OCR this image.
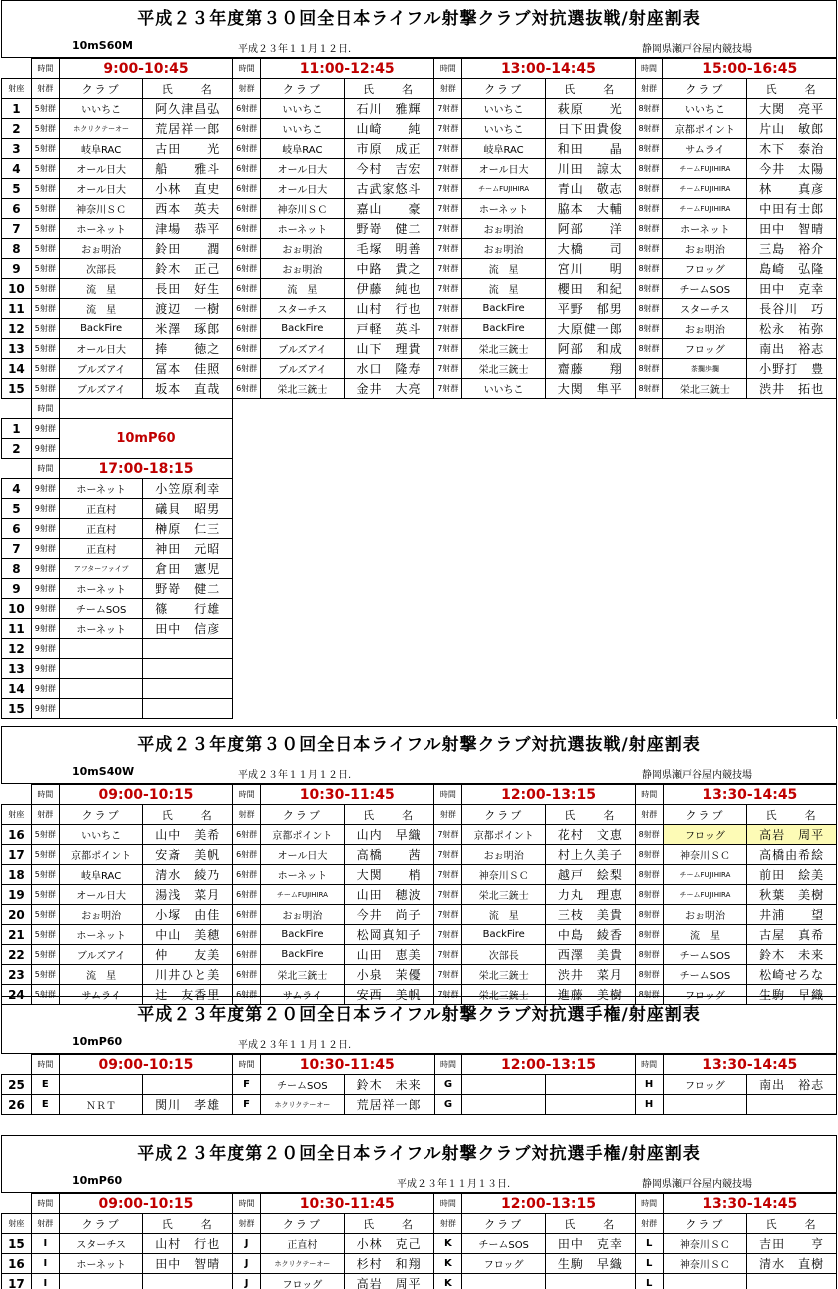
平成２３年度第３０回全日本ライフル射撃クラブ対抗選抜戦/射座割表
10mS60M	平成２３年１１月１２日.	静岡県瀬戸谷屋内競技場
	時間	9:00-10:45		時間	11:00-12:45		時間	13:00-14:45		時間	15:00-16:45	
射座	射群	クラブ	氏　　名	射群	クラブ	氏　　名	射群	クラブ	氏　　名	射群	クラブ	氏　　名
1	5射群	いいちこ	阿久津昌弘	6射群	いいちこ	石川　雅輝	7射群	いいちこ	萩原　　光	8射群	いいちこ	大関　亮平
2	5射群	ホクリクテーオー	荒居祥一郎	6射群	いいちこ	山崎　　純	7射群	いいちこ	日下田貴俊	8射群	京都ポイント	片山　敏郎
3	5射群	岐阜RAC	古田　　光	6射群	岐阜RAC	市原　成正	7射群	岐阜RAC	和田　　晶	8射群	サムライ	木下　泰治
4	5射群	オール日大	船　　雅斗	6射群	オール日大	今村　吉宏	7射群	オール日大	川田　諒太	8射群	チームFUJIHIRA	今井　太陽
5	5射群	オール日大	小林　直史	6射群	オール日大	古武家悠斗	7射群	チームFUJIHIRA	青山　敬志	8射群	チームFUJIHIRA	林　　真彦
6	5射群	神奈川ＳＣ	西本　英夫	6射群	神奈川ＳＣ	嘉山　　豪	7射群	ホーネット	脇本　大輔	8射群	チームFUJIHIRA	中田有士郎
7	5射群	ホーネット	津場　恭平	6射群	ホーネット	野嵜　健二	7射群	おぉ明治	阿部　　洋	8射群	ホーネット	田中　智晴
8	5射群	おぉ明治	鈴田　　潤	6射群	おぉ明治	毛塚　明善	7射群	おぉ明治	大橋　　司	8射群	おぉ明治	三島　裕介
9	5射群	次部長	鈴木　正己	6射群	おぉ明治	中路　貴之	7射群	流　星	宮川　　明	8射群	フロッグ	島崎　弘隆
10	5射群	流　星	長田　好生	6射群	流　星	伊藤　純也	7射群	流　星	櫻田　和紀	8射群	チームSOS	田中　克幸
11	5射群	流　星	渡辺　一樹	6射群	スターチス	山村　行也	7射群	BackFire	平野　郁男	8射群	スターチス	長谷川　巧
12	5射群	BackFire	米澤　琢郎	6射群	BackFire	戸軽　英斗	7射群	BackFire	大原健一郎	8射群	おぉ明治	松永　祐弥
13	5射群	オール日大	捧　　徳之	6射群	ブルズアイ	山下　理貴	7射群	栄北三銃士	阿部　和成	8射群	フロッグ	南出　裕志
14	5射群	ブルズアイ	冨本　佳照	6射群	ブルズアイ	水口　隆寿	7射群	栄北三銃士	齋藤　　翔	8射群	茶攔歩攔	小野打　豊
15	5射群	ブルズアイ	坂本　直哉	6射群	栄北三銃士	金井　大亮	7射群	いいちこ	大関　隼平	8射群	栄北三銃士	渋井　拓也
	時間											
1	9射群	10mP60										
2	9射群											
	時間	17:00-18:15										
4	9射群	ホーネット	小笠原利幸									
5	9射群	正直村	礒貝　昭男									
6	9射群	正直村	榊原　仁三									
7	9射群	正直村	神田　元昭									
8	9射群	アフターファイブ	倉田　憲児									
9	9射群	ホーネット	野嵜　健二									
10	9射群	チームSOS	篠　　行雄									
11	9射群	ホーネット	田中　信彦									
12	9射群											
13	9射群											
14	9射群											
15	9射群											
平成２３年度第３０回全日本ライフル射撃クラブ対抗選抜戦/射座割表
10mS40W	平成２３年１１月１２日.	静岡県瀬戸谷屋内競技場
	時間	09:00-10:15		時間	10:30-11:45		時間	12:00-13:15		時間	13:30-14:45	
射座	射群	クラブ	氏　　名	射群	クラブ	氏　　名	射群	クラブ	氏　　名	射群	クラブ	氏　　名
16	5射群	いいちこ	山中　美希	6射群	京都ポイント	山内　早織	7射群	京都ポイント	花村　文恵	8射群	フロッグ	高岩　周平
17	5射群	京都ポイント	安斎　美帆	6射群	オール日大	高橋　　茜	7射群	おぉ明治	村上久美子	8射群	神奈川ＳＣ	高橋由希絵
18	5射群	岐阜RAC	清水　綾乃	6射群	ホーネット	大関　　梢	7射群	神奈川ＳＣ	越戸　絵梨	8射群	チームFUJIHIRA	前田　絵美
19	5射群	オール日大	湯浅　菜月	6射群	チームFUJIHIRA	山田　穂波	7射群	栄北三銃士	力丸　理恵	8射群	チームFUJIHIRA	秋葉　美樹
20	5射群	おぉ明治	小塚　由佳	6射群	おぉ明治	今井　尚子	7射群	流　星	三枝　美貴	8射群	おぉ明治	井浦　　望
21	5射群	ホーネット	中山　美穂	6射群	BackFire	松岡真知子	7射群	BackFire	中島　綾香	8射群	流　星	古屋　真希
22	5射群	ブルズアイ	仲　　友美	6射群	BackFire	山田　恵美	7射群	次部長	西澤　美貴	8射群	チームSOS	鈴木　未来
23	5射群	流　星	川井ひと美	6射群	栄北三銃士	小泉　茉優	7射群	栄北三銃士	渋井　菜月	8射群	チームSOS	松崎せろな
24	5射群	サムライ	辻　友香里	6射群	サムライ	安西　美帆	7射群	栄北三銃士	進藤　美樹	8射群	フロッグ	生駒　早織
平成２３年度第２０回全日本ライフル射撃クラブ対抗選手権/射座割表
10mP60	平成２３年１１月１２日.
	時間	09:00-10:15		時間	10:30-11:45		時間	12:00-13:15		時間	13:30-14:45	
25	E			F	チームSOS	鈴木　未来	G			H	フロッグ	南出　裕志
26	E	ＮＲＴ	関川　孝雄	F	ホクリクテーオー	荒居祥一郎	G			H		
平成２３年度第２０回全日本ライフル射撃クラブ対抗選手権/射座割表
10mP60	平成２３年１１月１３日.	静岡県瀬戸谷屋内競技場
	時間	09:00-10:15		時間	10:30-11:45		時間	12:00-13:15		時間	13:30-14:45	
射座	射群	クラブ	氏　　名	射群	クラブ	氏　　名	射群	クラブ	氏　　名	射群	クラブ	氏　　名
15	I	スターチス	山村　行也	J	正直村	小林　克己	K	チームSOS	田中　克幸	L	神奈川ＳＣ	吉田　　亨
16	I	ホーネット	田中　智晴	J	ホクリクテーオー	杉村　和翔	K	フロッグ	生駒　早織	L	神奈川ＳＣ	清水　直樹
17	I			J	フロッグ	高岩　周平	K			L		
